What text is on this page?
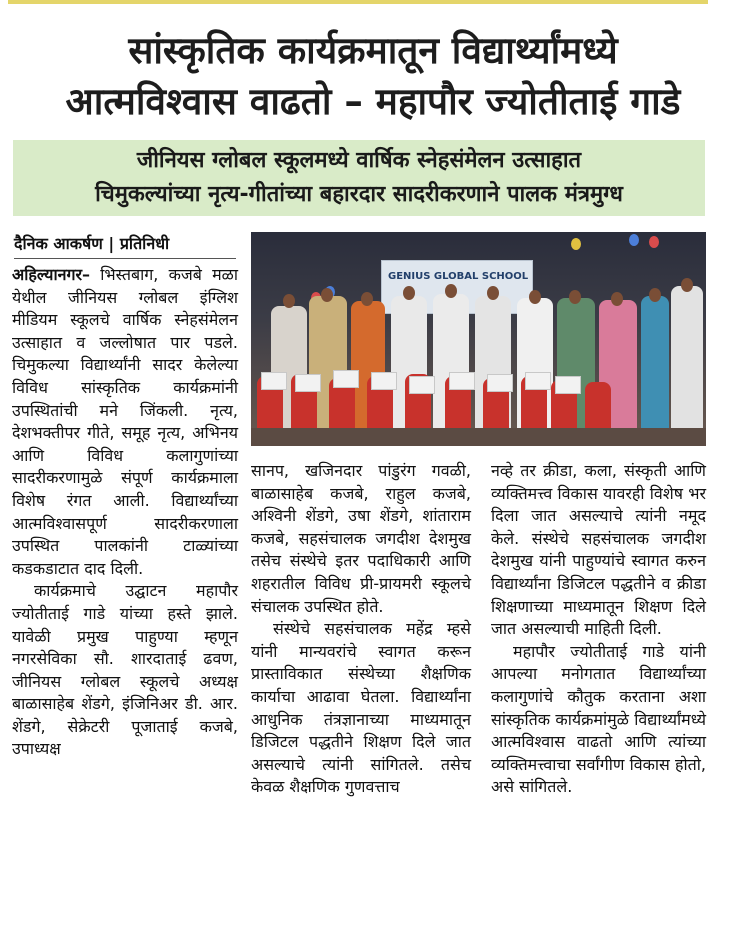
सांस्कृतिक कार्यक्रमातून विद्यार्थ्यांमध्ये
आत्मविश्वास वाढतो – महापौर ज्योतीताई गाडे
जीनियस ग्लोबल स्कूलमध्ये वार्षिक स्नेहसंमेलन उत्साहात
चिमुकल्यांच्या नृत्य-गीतांच्या बहारदार सादरीकरणाने पालक मंत्रमुग्ध
दैनिक आकर्षण | प्रतिनिधी

अहिल्यानगर– भिस्तबाग, कजबे मळा येथील जीनियस ग्लोबल इंग्लिश मीडियम स्कूलचे वार्षिक स्नेहसंमेलन उत्साहात व जल्लोषात पार पडले. चिमुकल्या विद्यार्थ्यांनी सादर केलेल्या विविध सांस्कृतिक कार्यक्रमांनी उपस्थितांची मने जिंकली. नृत्य, देशभक्तीपर गीते, समूह नृत्य, अभिनय आणि विविध कलागुणांच्या सादरीकरणामुळे संपूर्ण कार्यक्रमाला विशेष रंगत आली. विद्यार्थ्यांच्या आत्मविश्वासपूर्ण सादरीकरणाला उपस्थित पालकांनी टाळ्यांच्या कडकडाटात दाद दिली.

कार्यक्रमाचे उद्घाटन महापौर ज्योतीताई गाडे यांच्या हस्ते झाले. यावेळी प्रमुख पाहुण्या म्हणून नगरसेविका सौ. शारदाताई ढवण, जीनियस ग्लोबल स्कूलचे अध्यक्ष बाळासाहेब शेंडगे, इंजिनिअर डी. आर. शेंडगे, सेक्रेटरी पूजाताई कजबे, उपाध्यक्ष

GENIUS GLOBAL SCHOOL

सानप, खजिनदार पांडुरंग गवळी, बाळासाहेब कजबे, राहुल कजबे, अश्विनी शेंडगे, उषा शेंडगे, शांताराम कजबे, सहसंचालक जगदीश देशमुख तसेच संस्थेचे इतर पदाधिकारी आणि शहरातील विविध प्री-प्रायमरी स्कूलचे संचालक उपस्थित होते.

संस्थेचे सहसंचालक महेंद्र म्हसे यांनी मान्यवरांचे स्वागत करून प्रास्ताविकात संस्थेच्या शैक्षणिक कार्याचा आढावा घेतला. विद्यार्थ्यांना आधुनिक तंत्रज्ञानाच्या माध्यमातून डिजिटल पद्धतीने शिक्षण दिले जात असल्याचे त्यांनी सांगितले. तसेच केवळ शैक्षणिक गुणवत्ताच

नव्हे तर क्रीडा, कला, संस्कृती आणि व्यक्तिमत्त्व विकास यावरही विशेष भर दिला जात असल्याचे त्यांनी नमूद केले. संस्थेचे सहसंचालक जगदीश देशमुख यांनी पाहुण्यांचे स्वागत करुन विद्यार्थ्यांना डिजिटल पद्धतीने व क्रीडा शिक्षणाच्या माध्यमातून शिक्षण दिले जात असल्याची माहिती दिली.

महापौर ज्योतीताई गाडे यांनी आपल्या मनोगतात विद्यार्थ्यांच्या कलागुणांचे कौतुक करताना अशा सांस्कृतिक कार्यक्रमांमुळे विद्यार्थ्यांमध्ये आत्मविश्वास वाढतो आणि त्यांच्या व्यक्तिमत्त्वाचा सर्वांगीण विकास होतो, असे सांगितले.
